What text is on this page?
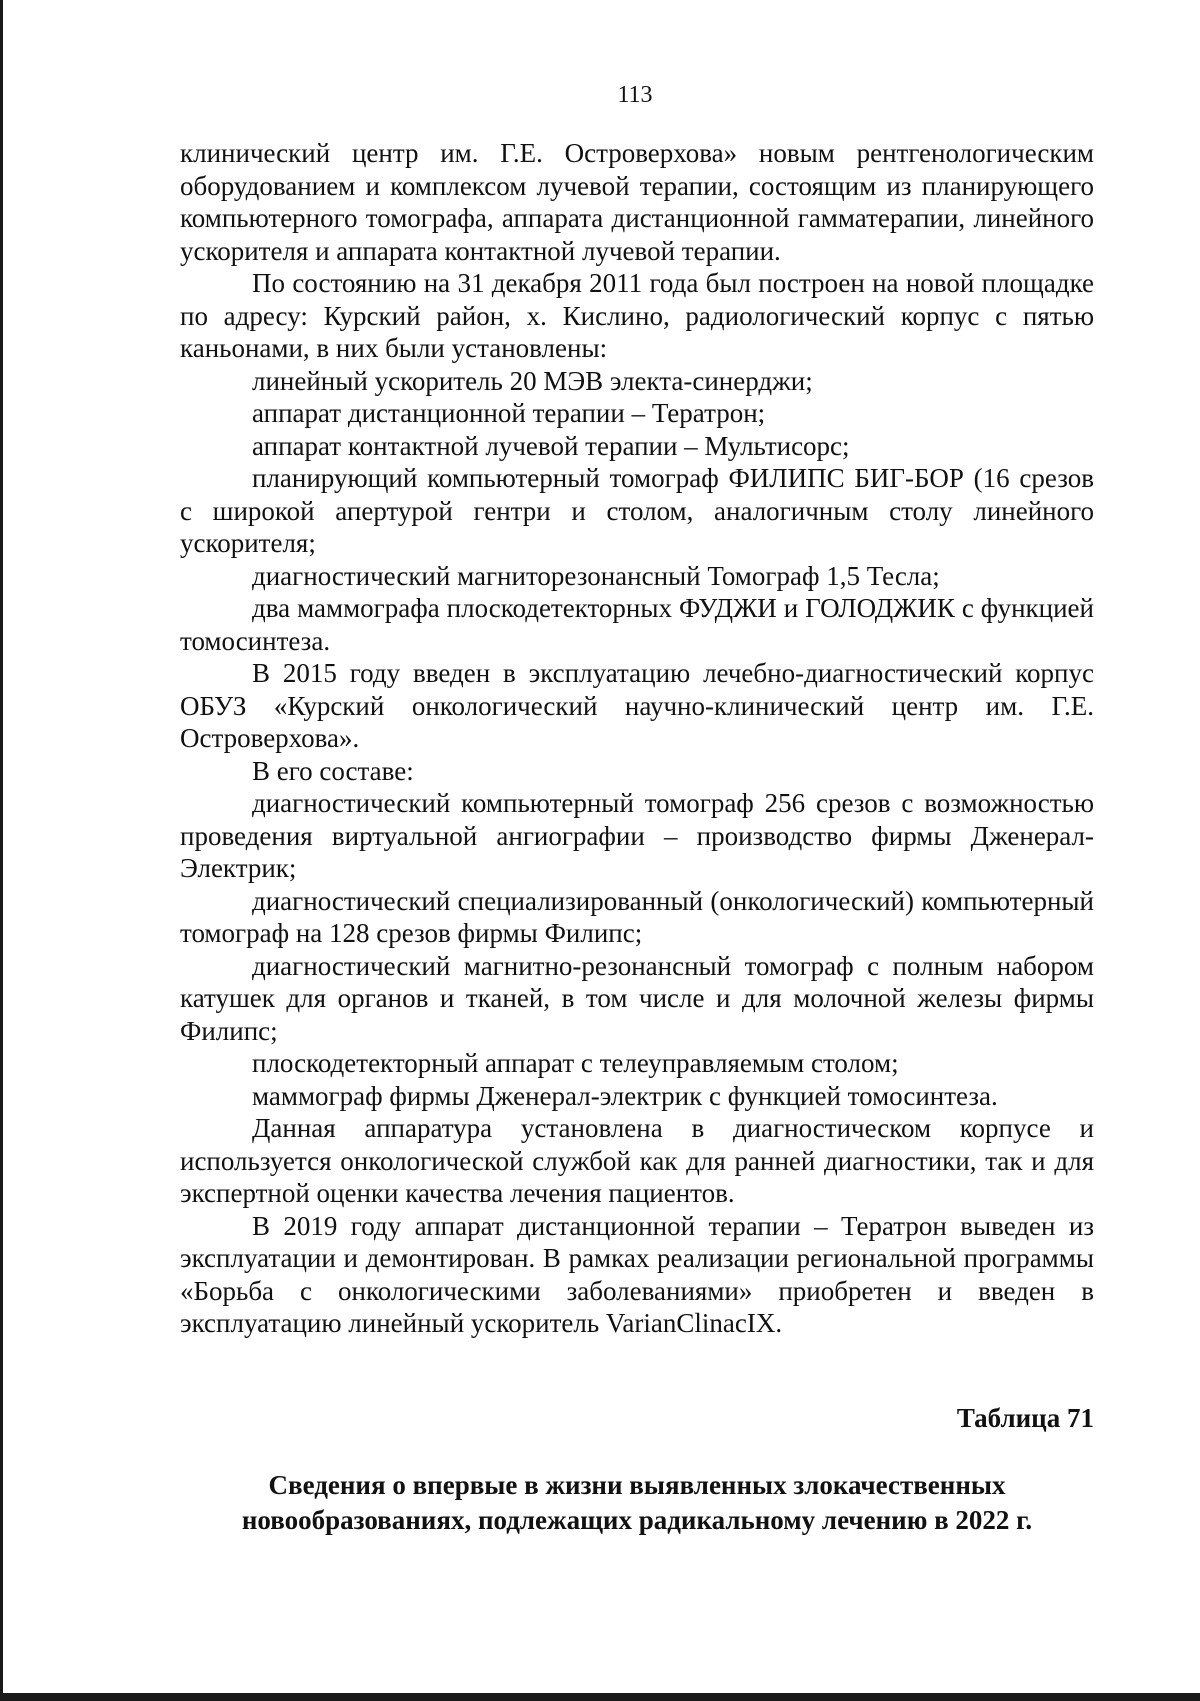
113

клинический центр им. Г.Е. Островерхова» новым рентгенологическим оборудованием и комплексом лучевой терапии, состоящим из планирующего компьютерного томографа, аппарата дистанционной гамматерапии, линейного ускорителя и аппарата контактной лучевой терапии.

По состоянию на 31 декабря 2011 года был построен на новой площадке по адресу: Курский район, х. Кислино, радиологический корпус с пятью каньонами, в них были установлены:

линейный ускоритель 20 МЭВ электа-синерджи;

аппарат дистанционной терапии – Тератрон;

аппарат контактной лучевой терапии – Мультисорс;

планирующий компьютерный томограф ФИЛИПС БИГ-БОР (16 срезов с широкой апертурой гентри и столом, аналогичным столу линейного ускорителя;

диагностический магниторезонансный Томограф 1,5 Тесла;

два маммографа плоскодетекторных ФУДЖИ и ГОЛОДЖИК с функцией томосинтеза.

В 2015 году введен в эксплуатацию лечебно-диагностический корпус ОБУЗ «Курский онкологический научно-клинический центр им. Г.Е. Островерхова».

В его составе:

диагностический компьютерный томограф 256 срезов с возможностью проведения виртуальной ангиографии – производство фирмы Дженерал-Электрик;

диагностический специализированный (онкологический) компьютерный томограф на 128 срезов фирмы Филипс;

диагностический магнитно-резонансный томограф с полным набором катушек для органов и тканей, в том числе и для молочной железы фирмы Филипс;

плоскодетекторный аппарат с телеуправляемым столом;

маммограф фирмы Дженерал-электрик с функцией томосинтеза.

Данная аппаратура установлена в диагностическом корпусе и используется онкологической службой как для ранней диагностики, так и для экспертной оценки качества лечения пациентов.

В 2019 году аппарат дистанционной терапии – Тератрон выведен из эксплуатации и демонтирован. В рамках реализации региональной программы «Борьба с онкологическими заболеваниями» приобретен и введен в эксплуатацию линейный ускоритель VarianClinacIX.

Таблица 71
Сведения о впервые в жизни выявленных злокачественных
новообразованиях, подлежащих радикальному лечению в 2022 г.
